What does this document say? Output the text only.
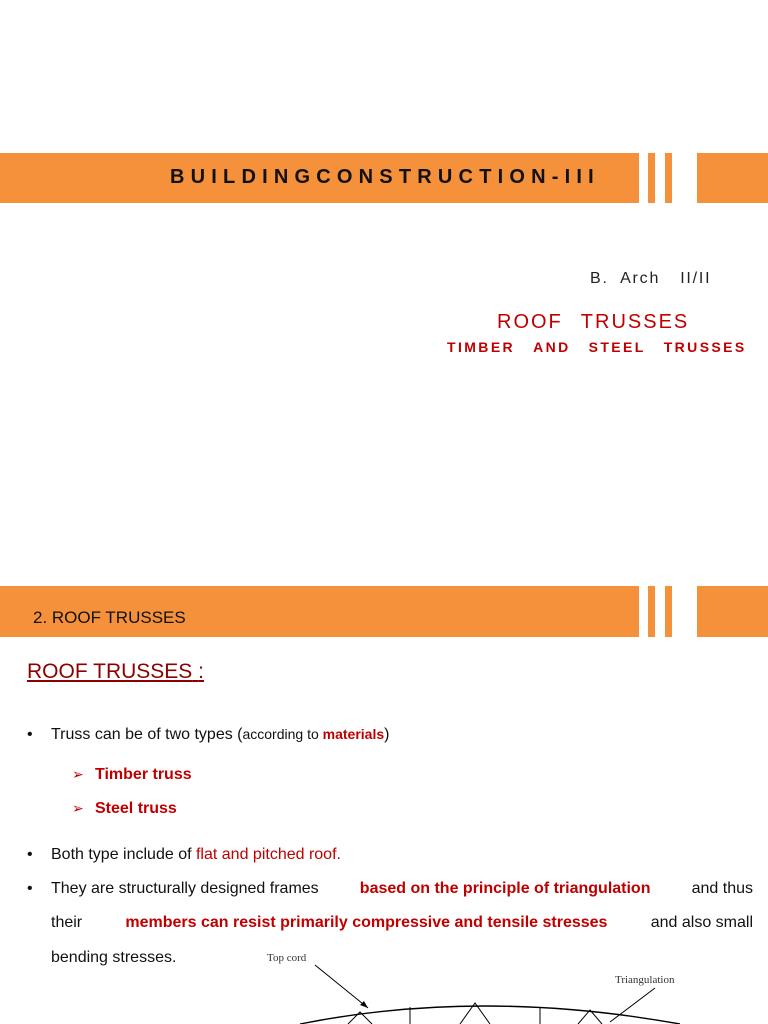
BUILDINGCONSTRUCTION-III
B. Arch II/II
ROOF TRUSSES
TIMBER AND STEEL TRUSSES
2. ROOF TRUSSES
ROOF TRUSSES :
• Truss can be of two types (according to materials)
➢ Timber truss
➢ Steel truss
• Both type include of flat and pitched roof.
•	They are structurally designed frames	based on the principle of triangulation	and thus
their	members can resist primarily compressive and tensile stresses	and also small
bending stresses.	Top cord
Triangulation
